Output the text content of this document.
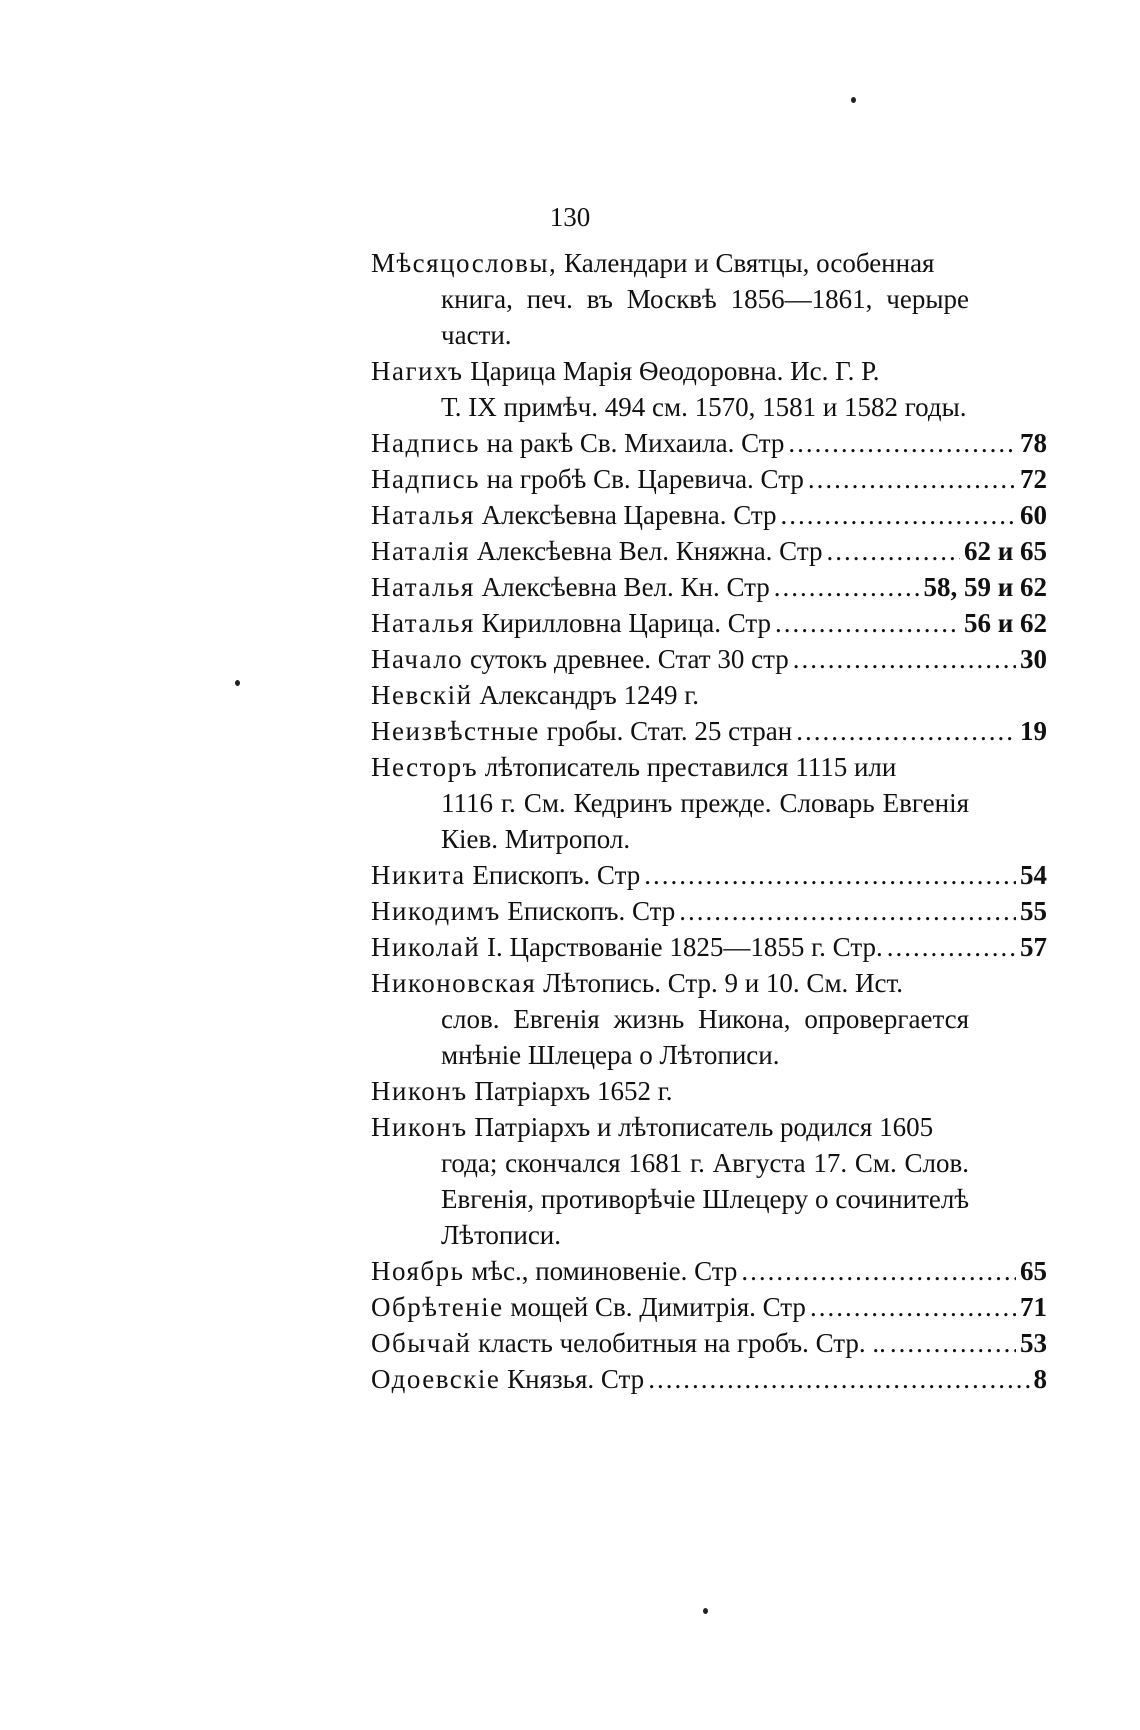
130
Мѣсяцословы,
Календари и Святцы, особенная
книга, печ. въ Москвѣ 1856—1861, черыре части.
Нагихъ
Царица Марія Ѳеодоровна. Ис. Г. Р.
Т. IX примѣч. 494 см. 1570, 1581 и 1582 годы.
Надпись
на ракѣ Св. Михаила. Стр .....	78
Надпись
на гробѣ Св. Царевича. Стр .....	72
Наталья
Алексѣевна Царевна. Стр .....	60
Наталія
Алексѣевна Вел. Княжна. Стр .....	62 и 65
Наталья
Алексѣевна Вел. Кн. Стр .....	58, 59 и 62
Наталья
Кирилловна Царица. Стр .....	56 и 62
Начало
сутокъ древнее. Стат 30 стр .....	30
Невскій
Александръ 1249 г.
Неизвѣстные
гробы. Стат. 25 стран .....	19
Несторъ
лѣтописатель преставился 1115 или
1116 г. См. Кедринъ прежде. Словарь Евгенія Кіев. Митропол.
Никита
Епископъ. Стр .....	54
Никодимъ
Епископъ. Стр .....	55
Николай
I. Царствованіе 1825—1855 г. Стр. .....	57
Никоновская
Лѣтопись. Стр. 9 и 10. См. Ист.
слов. Евгенія жизнь Никона, опровергается мнѣніе Шлецера о Лѣтописи.
Никонъ
Патріархъ 1652 г.
Никонъ
Патріархъ и лѣтописатель родился 1605
года; скончался 1681 г. Августа 17. См. Слов. Евгенія, противорѣчіе Шлецеру о сочинителѣ Лѣтописи.
Ноябрь
мѣс., поминовеніе. Стр .....	65
Обрѣтеніе
мощей Св. Димитрія. Стр .....	71
Обычай
класть челобитныя на гробъ. Стр. .. .....	53
Одоевскіе
Князья. Стр .....	8
